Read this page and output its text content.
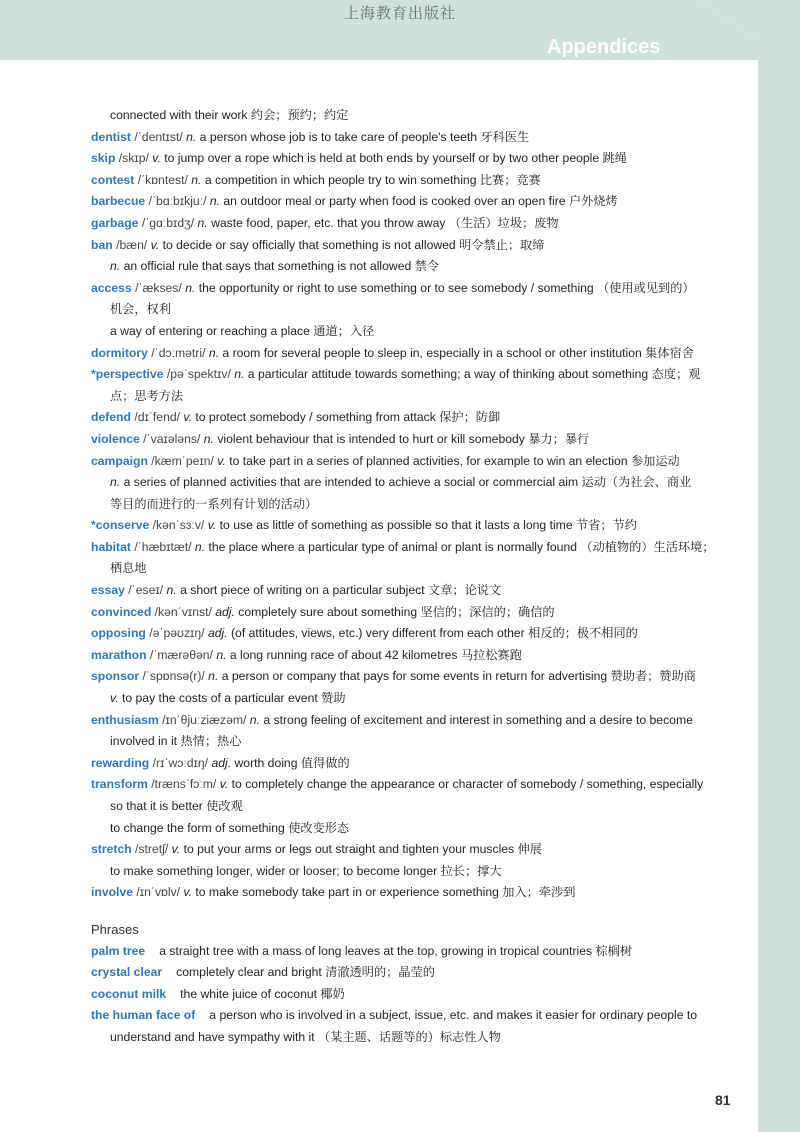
上海教育出版社
Appendices
connected with their work 约会；预约；约定
dentist /ˈdentɪst/ n. a person whose job is to take care of people's teeth 牙科医生
skip /skɪp/ v. to jump over a rope which is held at both ends by yourself or by two other people 跳绳
contest /ˈkɒntest/ n. a competition in which people try to win something 比赛；竞赛
barbecue /ˈbɑːbɪkjuː/ n. an outdoor meal or party when food is cooked over an open fire 户外烧烤
garbage /ˈɡɑːbɪdʒ/ n. waste food, paper, etc. that you throw away （生活）垃圾；废物
ban /bæn/ v. to decide or say officially that something is not allowed 明令禁止；取缔
n. an official rule that says that something is not allowed 禁令
access /ˈækses/ n. the opportunity or right to use something or to see somebody / something （使用或见到的）
机会，权利
a way of entering or reaching a place 通道；入径
dormitory /ˈdɔːmətri/ n. a room for several people to sleep in, especially in a school or other institution 集体宿舍
*perspective /pəˈspektɪv/ n. a particular attitude towards something; a way of thinking about something 态度；观
点；思考方法
defend /dɪˈfend/ v. to protect somebody / something from attack 保护；防御
violence /ˈvaɪələns/ n. violent behaviour that is intended to hurt or kill somebody 暴力；暴行
campaign /kæmˈpeɪn/ v. to take part in a series of planned activities, for example to win an election 参加运动
n. a series of planned activities that are intended to achieve a social or commercial aim 运动（为社会、商业
等目的而进行的一系列有计划的活动）
*conserve /kənˈsɜːv/ v. to use as little of something as possible so that it lasts a long time 节省；节约
habitat /ˈhæbɪtæt/ n. the place where a particular type of animal or plant is normally found （动植物的）生活环境；
栖息地
essay /ˈeseɪ/ n. a short piece of writing on a particular subject 文章；论说文
convinced /kənˈvɪnst/ adj. completely sure about something 坚信的；深信的；确信的
opposing /əˈpəʊzɪŋ/ adj. (of attitudes, views, etc.) very different from each other 相反的；极不相同的
marathon /ˈmærəθən/ n. a long running race of about 42 kilometres 马拉松赛跑
sponsor /ˈspɒnsə(r)/ n. a person or company that pays for some events in return for advertising 赞助者；赞助商
v. to pay the costs of a particular event 赞助
enthusiasm /ɪnˈθjuːziæzəm/ n. a strong feeling of excitement and interest in something and a desire to become
involved in it 热情；热心
rewarding /rɪˈwɔːdɪŋ/ adj. worth doing 值得做的
transform /trænsˈfɔːm/ v. to completely change the appearance or character of somebody / something, especially
so that it is better 使改观
to change the form of something 使改变形态
stretch /stretʃ/ v. to put your arms or legs out straight and tighten your muscles 伸展
to make something longer, wider or looser; to become longer 拉长；撑大
involve /ɪnˈvɒlv/ v. to make somebody take part in or experience something 加入；牵涉到
Phrases
palm tree a straight tree with a mass of long leaves at the top, growing in tropical countries 棕榈树
crystal clear completely clear and bright 清澈透明的；晶莹的
coconut milk the white juice of coconut 椰奶
the human face of a person who is involved in a subject, issue, etc. and makes it easier for ordinary people to
understand and have sympathy with it （某主题、话题等的）标志性人物
81
